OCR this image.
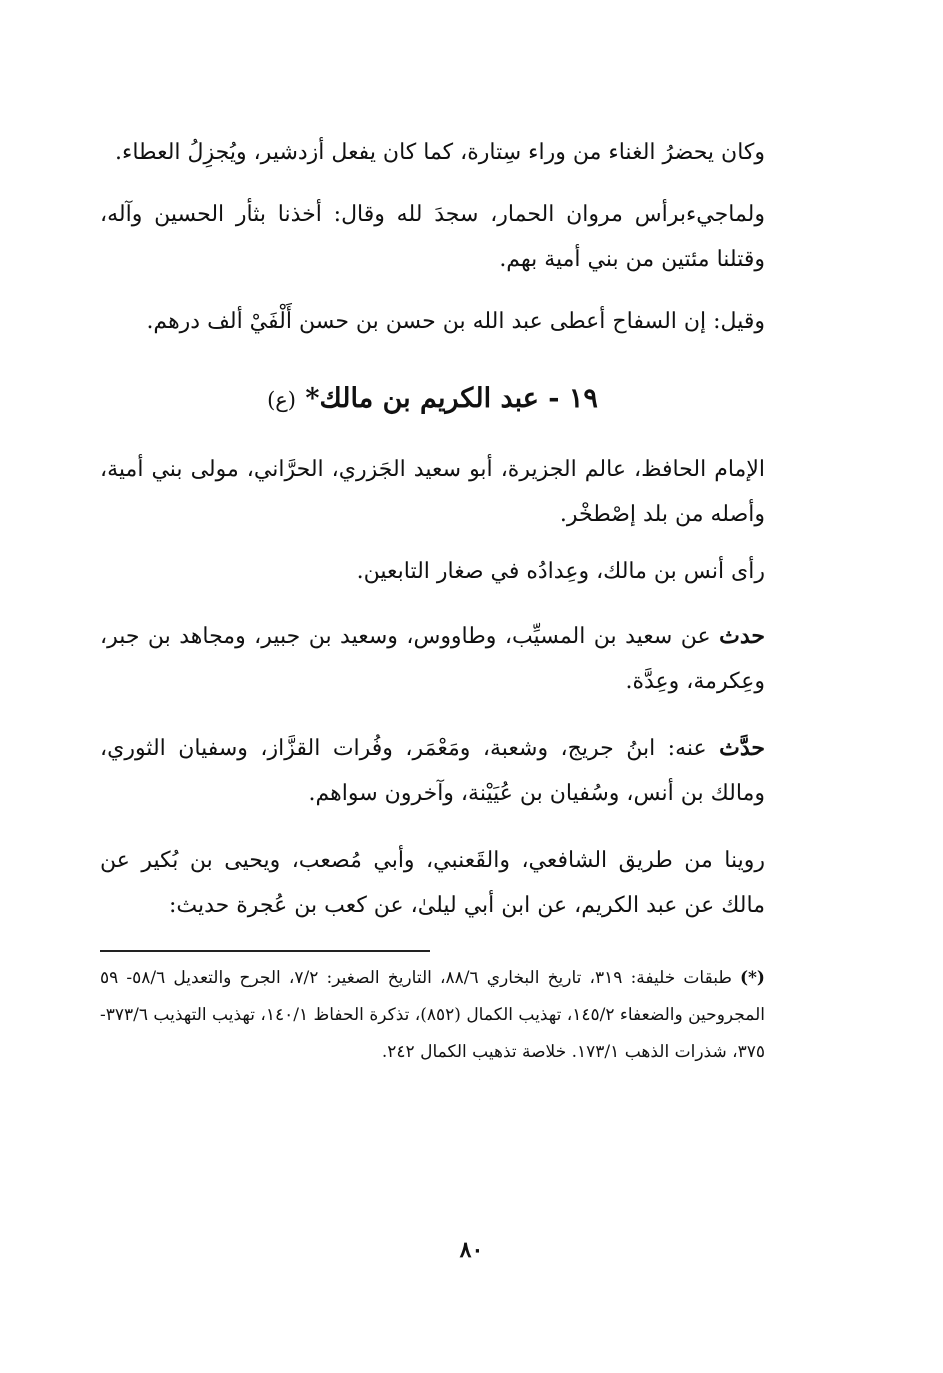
وكان يحضرُ الغناء من وراء سِتارة، كما كان يفعل أزدشير، ويُجزِلُ العطاء.

ولماجيءبرأس مروان الحمار، سجدَ لله وقال: أخذنا بثأر الحسين وآله، وقتلنا مئتين من بني أمية بهم.

وقيل: إن السفاح أعطى عبد الله بن حسن بن حسن أَلْفَيْ ألف درهم.

١٩ - عبد الكريم بن مالك* (ع)

الإمام الحافظ، عالم الجزيرة، أبو سعيد الجَزري، الحرَّاني، مولى بني أمية، وأصله من بلد إصْطخْر.

رأى أنس بن مالك، وعِدادُه في صغار التابعين.

حدث عن سعيد بن المسيِّب، وطاووس، وسعيد بن جبير، ومجاهد بن جبر، وعِكرمة، وعِدَّة.

حدَّث عنه: ابنُ جريج، وشعبة، ومَعْمَر، وفُرات القزَّاز، وسفيان الثوري، ومالك بن أنس، وسُفيان بن عُيَيْنة، وآخرون سواهم.

روينا من طريق الشافعي، والقَعنبي، وأبي مُصعب، ويحيى بن بُكير عن مالك عن عبد الكريم، عن ابن أبي ليلىٰ، عن كعب بن عُجرة حديث:

(*) طبقات خليفة: ٣١٩، تاريخ البخاري ٨٨/٦، التاريخ الصغير: ٧/٢، الجرح والتعديل ٥٨/٦- ٥٩ المجروحين والضعفاء ١٤٥/٢، تهذيب الكمال (٨٥٢)، تذكرة الحفاظ ١٤٠/١، تهذيب التهذيب ٣٧٣/٦- ٣٧٥، شذرات الذهب ١٧٣/١. خلاصة تذهيب الكمال ٢٤٢.

٨٠
